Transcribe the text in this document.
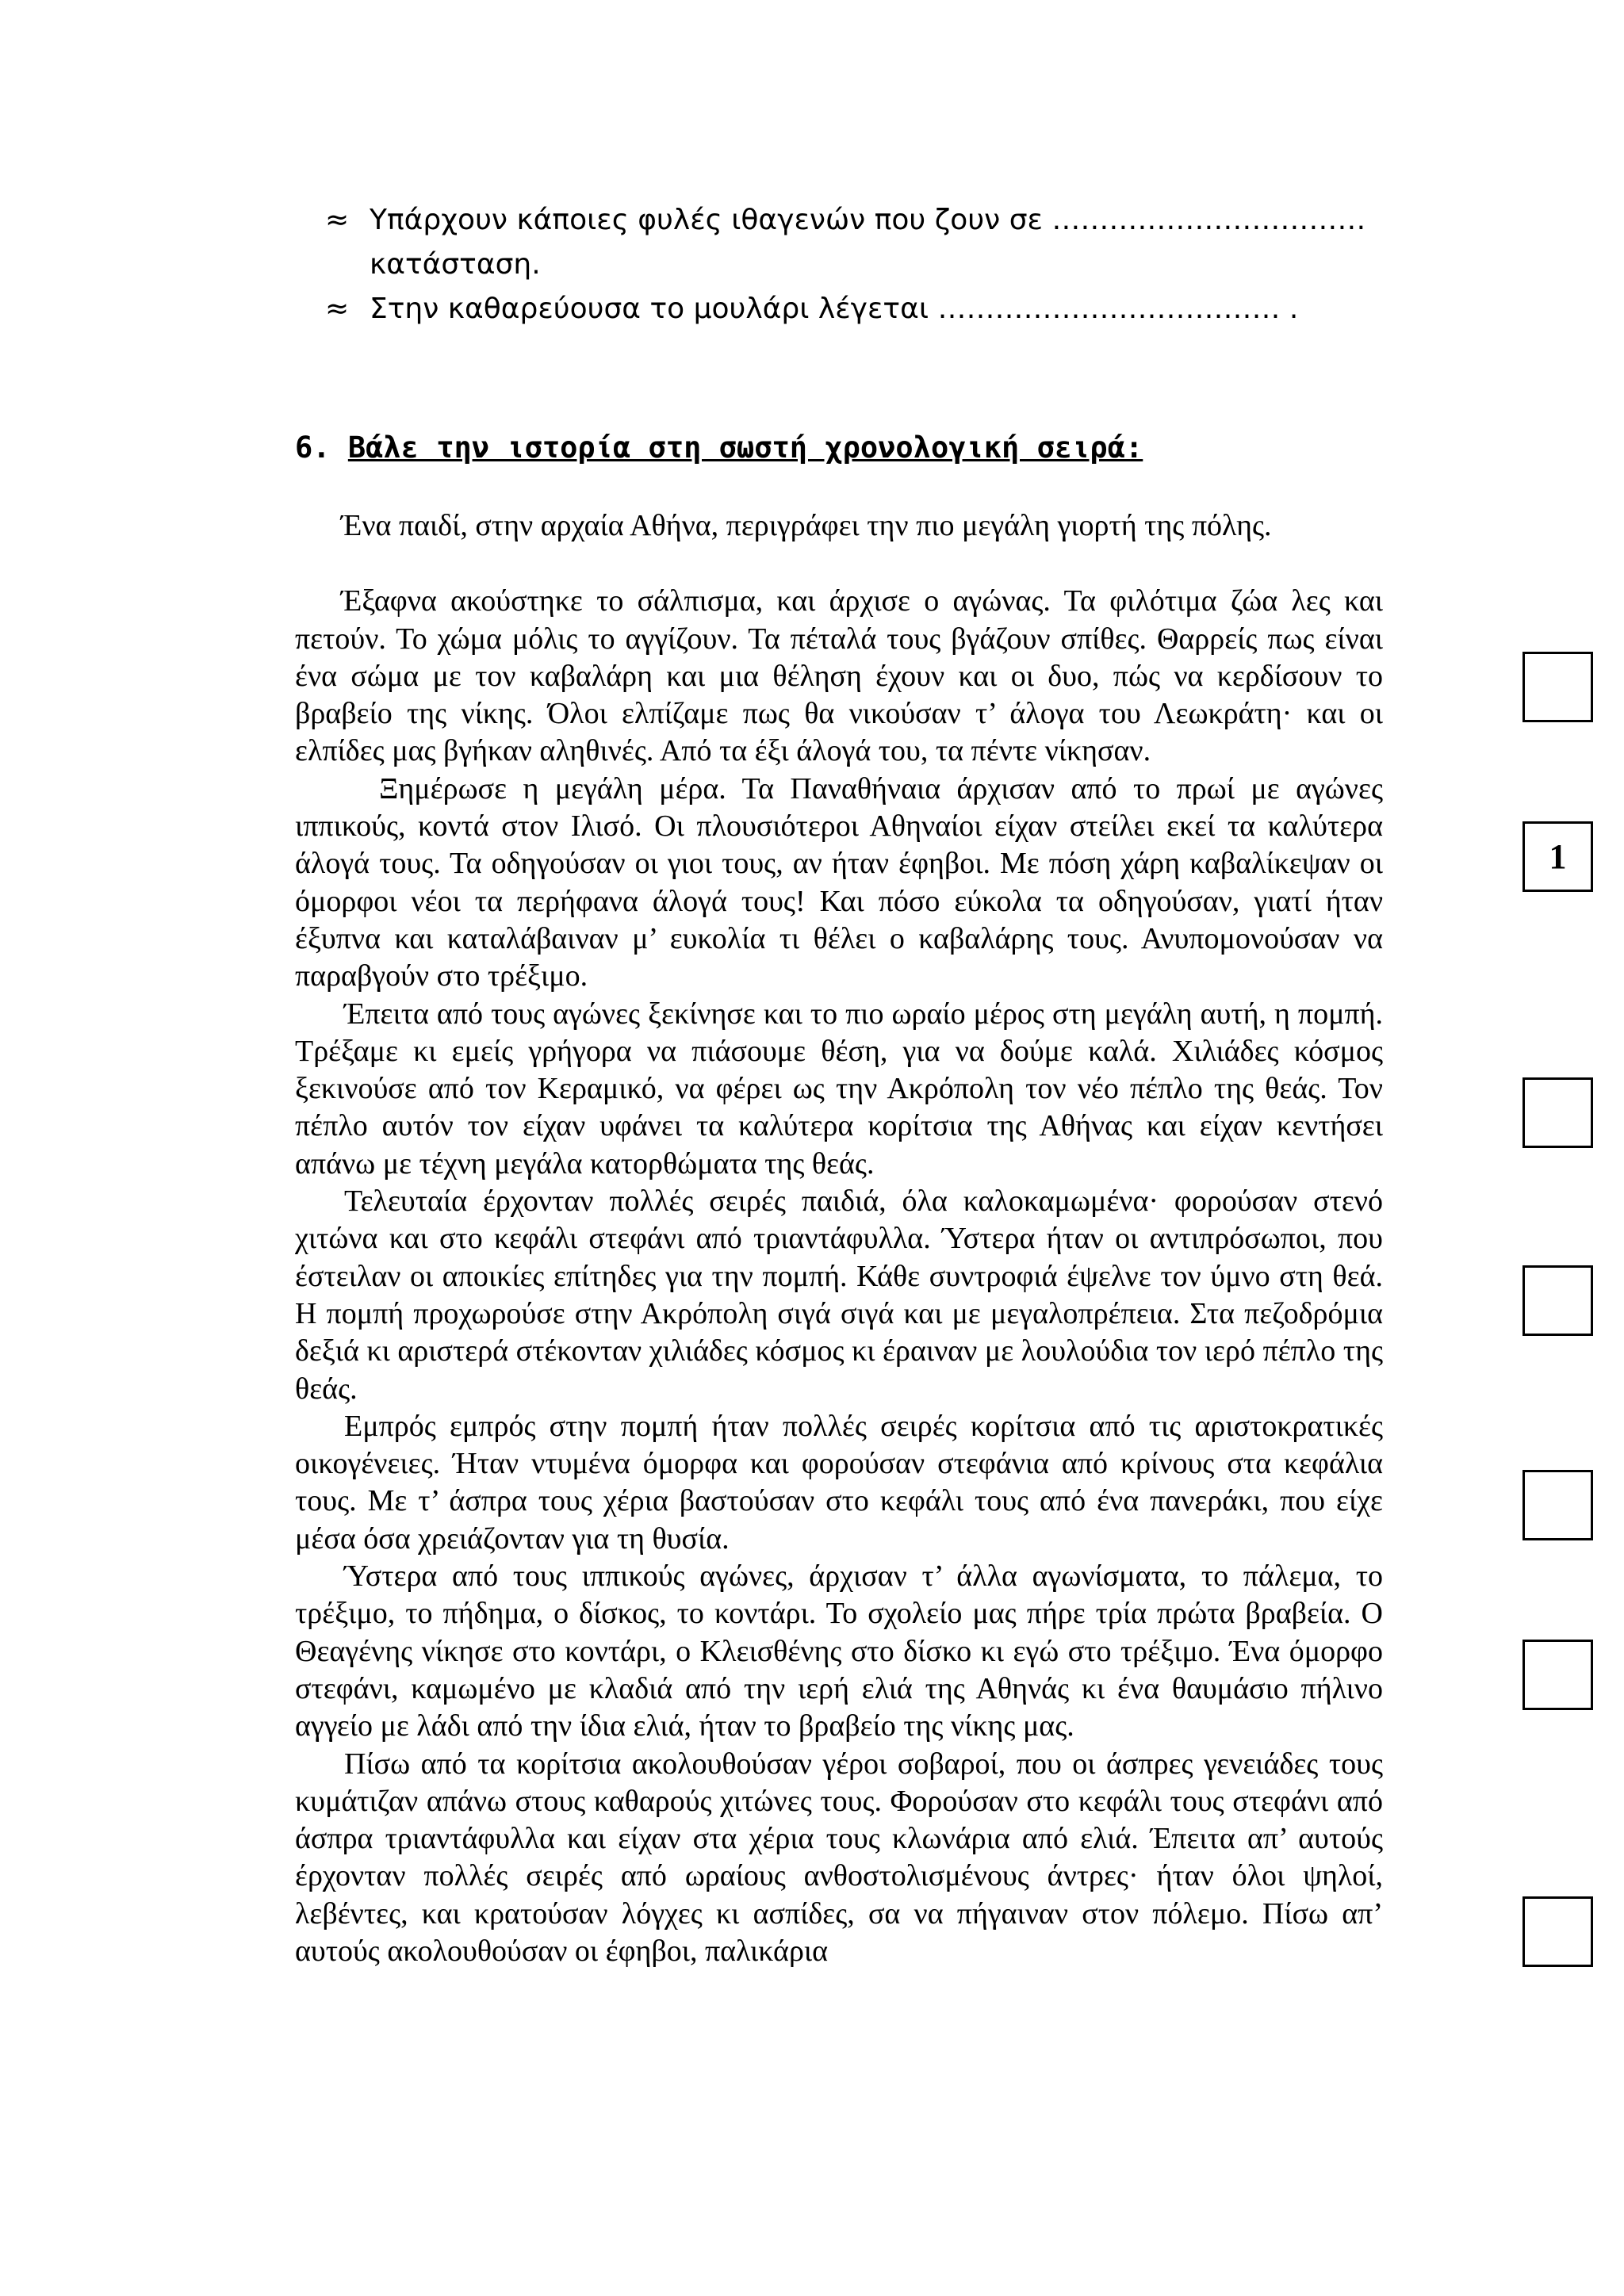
≈ Υπάρχουν κάποιες φυλές ιθαγενών που ζουν σε …………………………… κατάσταση.
≈ Στην καθαρεύουσα το μουλάρι λέγεται ……………………………… .
6. Βάλε την ιστορία στη σωστή χρονολογική σειρά:
Ένα παιδί, στην αρχαία Αθήνα, περιγράφει την πιο μεγάλη γιορτή της πόλης.

Έξαφνα ακούστηκε το σάλπισμα, και άρχισε ο αγώνας. Τα φιλότιμα ζώα λες και πετούν. Το χώμα μόλις το αγγίζουν. Τα πέταλά τους βγάζουν σπίθες. Θαρρείς πως είναι ένα σώμα με τον καβαλάρη και μια θέληση έχουν και οι δυο, πώς να κερδίσουν το βραβείο της νίκης. Όλοι ελπίζαμε πως θα νικούσαν τ’ άλογα του Λεωκράτη· και οι ελπίδες μας βγήκαν αληθινές. Από τα έξι άλογά του, τα πέντε νίκησαν.

Ξημέρωσε η μεγάλη μέρα. Τα Παναθήναια άρχισαν από το πρωί με αγώνες ιππικούς, κοντά στον Ιλισό. Οι πλουσιότεροι Αθηναίοι είχαν στείλει εκεί τα καλύτερα άλογά τους. Τα οδηγούσαν οι γιοι τους, αν ήταν έφηβοι. Με πόση χάρη καβαλίκεψαν οι όμορφοι νέοι τα περήφανα άλογά τους! Και πόσο εύκολα τα οδηγούσαν, γιατί ήταν έξυπνα και καταλάβαιναν μ’ ευκολία τι θέλει ο καβαλάρης τους. Ανυπομονούσαν να παραβγούν στο τρέξιμο.

Έπειτα από τους αγώνες ξεκίνησε και το πιο ωραίο μέρος στη μεγάλη αυτή, η πομπή. Τρέξαμε κι εμείς γρήγορα να πιάσουμε θέση, για να δούμε καλά. Χιλιάδες κόσμος ξεκινούσε από τον Κεραμικό, να φέρει ως την Ακρόπολη τον νέο πέπλο της θεάς. Τον πέπλο αυτόν τον είχαν υφάνει τα καλύτερα κορίτσια της Αθήνας και είχαν κεντήσει απάνω με τέχνη μεγάλα κατορθώματα της θεάς.

Τελευταία έρχονταν πολλές σειρές παιδιά, όλα καλοκαμωμένα· φορούσαν στενό χιτώνα και στο κεφάλι στεφάνι από τριαντάφυλλα. Ύστερα ήταν οι αντιπρόσωποι, που έστειλαν οι αποικίες επίτηδες για την πομπή. Κάθε συντροφιά έψελνε τον ύμνο στη θεά. Η πομπή προχωρούσε στην Ακρόπολη σιγά σιγά και με μεγαλοπρέπεια. Στα πεζοδρόμια δεξιά κι αριστερά στέκονταν χιλιάδες κόσμος κι έραιναν με λουλούδια τον ιερό πέπλο της θεάς.

Εμπρός εμπρός στην πομπή ήταν πολλές σειρές κορίτσια από τις αριστοκρατικές οικογένειες. Ήταν ντυμένα όμορφα και φορούσαν στεφάνια από κρίνους στα κεφάλια τους. Με τ’ άσπρα τους χέρια βαστούσαν στο κεφάλι τους από ένα πανεράκι, που είχε μέσα όσα χρειάζονταν για τη θυσία.

Ύστερα από τους ιππικούς αγώνες, άρχισαν τ’ άλλα αγωνίσματα, το πάλεμα, το τρέξιμο, το πήδημα, ο δίσκος, το κοντάρι. Το σχολείο μας πήρε τρία πρώτα βραβεία. Ο Θεαγένης νίκησε στο κοντάρι, ο Κλεισθένης στο δίσκο κι εγώ στο τρέξιμο. Ένα όμορφο στεφάνι, καμωμένο με κλαδιά από την ιερή ελιά της Αθηνάς κι ένα θαυμάσιο πήλινο αγγείο με λάδι από την ίδια ελιά, ήταν το βραβείο της νίκης μας.

Πίσω από τα κορίτσια ακολουθούσαν γέροι σοβαροί, που οι άσπρες γενειάδες τους κυμάτιζαν απάνω στους καθαρούς χιτώνες τους. Φορούσαν στο κεφάλι τους στεφάνι από άσπρα τριαντάφυλλα και είχαν στα χέρια τους κλωνάρια από ελιά. Έπειτα απ’ αυτούς έρχονταν πολλές σειρές από ωραίους ανθοστολισμένους άντρες· ήταν όλοι ψηλοί, λεβέντες, και κρατούσαν λόγχες κι ασπίδες, σα να πήγαιναν στον πόλεμο. Πίσω απ’ αυτούς ακολουθούσαν οι έφηβοι, παλικάρια

1
